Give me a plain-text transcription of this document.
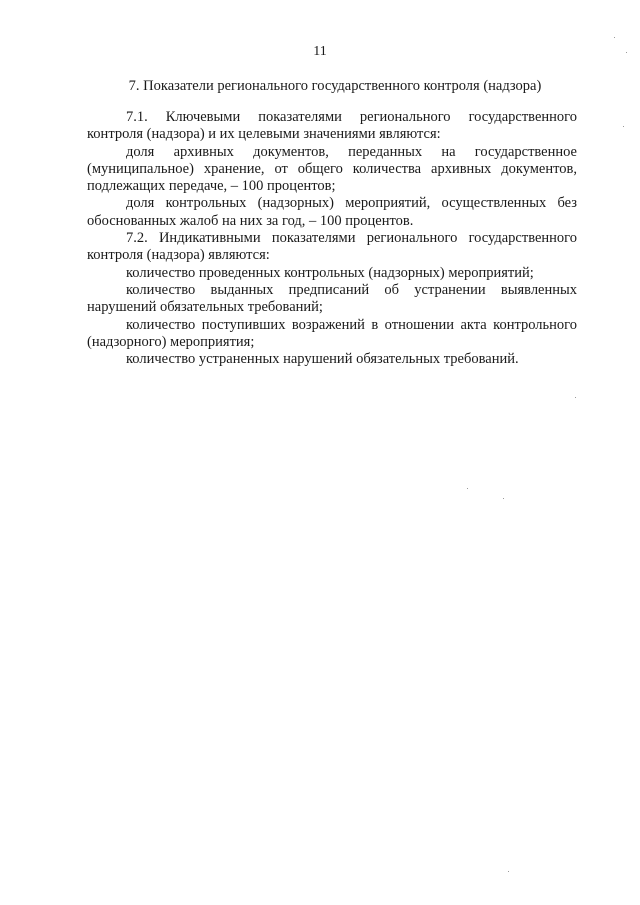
11
7. Показатели регионального государственного контроля (надзора)

7.1. Ключевыми показателями регионального государственного контроля (надзора) и их целевыми значениями являются:

доля архивных документов, переданных на государственное (муниципальное) хранение, от общего количества архивных документов, подлежащих передаче, – 100 процентов;

доля контрольных (надзорных) мероприятий, осуществленных без обоснованных жалоб на них за год, – 100 процентов.

7.2. Индикативными показателями регионального государственного контроля (надзора) являются:

количество проведенных контрольных (надзорных) мероприятий;

количество выданных предписаний об устранении выявленных нарушений обязательных требований;

количество поступивших возражений в отношении акта контрольного (надзорного) мероприятия;

количество устраненных нарушений обязательных требований.
